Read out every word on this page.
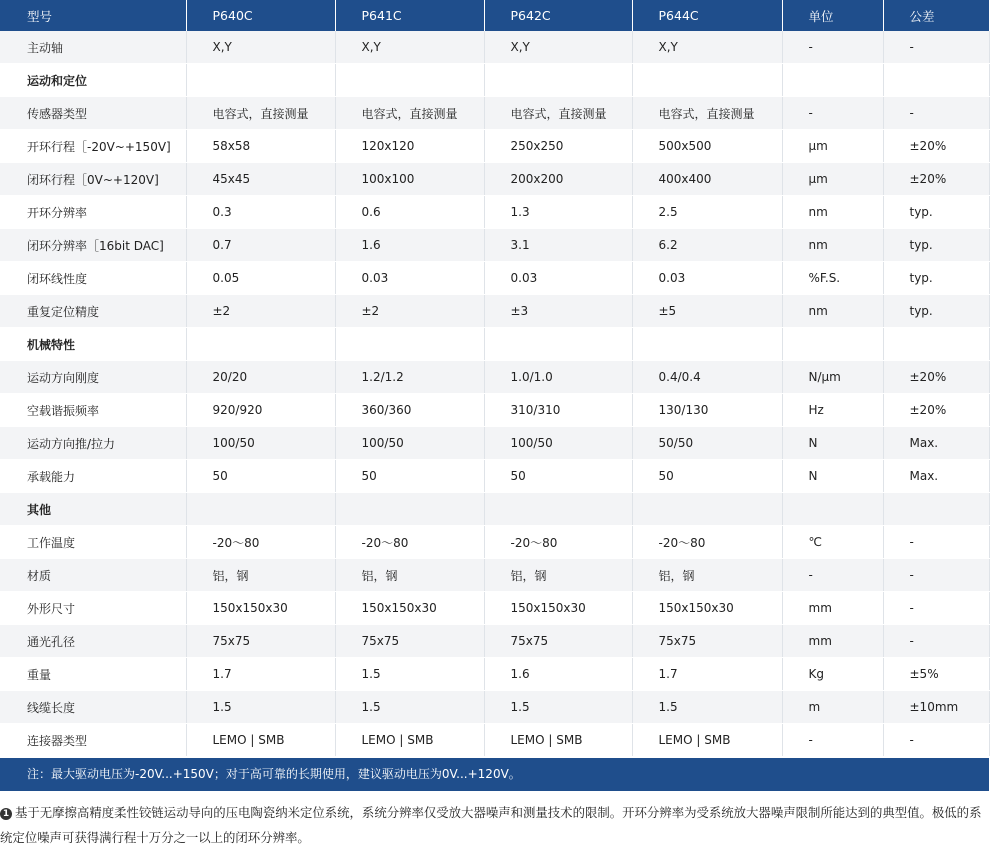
型号	P640C	P641C	P642C	P644C	单位	公差
主动轴	X,Y	X,Y	X,Y	X,Y	-	-
运动和定位						
传感器类型	电容式，直接测量	电容式，直接测量	电容式，直接测量	电容式，直接测量	-	-
开环行程［-20V~+150V]	58x58	120x120	250x250	500x500	μm	±20%
闭环行程［0V~+120V]	45x45	100x100	200x200	400x400	μm	±20%
开环分辨率	0.3	0.6	1.3	2.5	nm	typ.
闭环分辨率［16bit DAC]	0.7	1.6	3.1	6.2	nm	typ.
闭环线性度	0.05	0.03	0.03	0.03	%F.S.	typ.
重复定位精度	±2	±2	±3	±5	nm	typ.
机械特性						
运动方向刚度	20/20	1.2/1.2	1.0/1.0	0.4/0.4	N/μm	±20%
空载谐振频率	920/920	360/360	310/310	130/130	Hz	±20%
运动方向推/拉力	100/50	100/50	100/50	50/50	N	Max.
承载能力	50	50	50	50	N	Max.
其他						
工作温度	-20～80	-20～80	-20～80	-20～80	℃	-
材质	铝，钢	铝，钢	铝，钢	铝，钢	-	-
外形尺寸	150x150x30	150x150x30	150x150x30	150x150x30	mm	-
通光孔径	75x75	75x75	75x75	75x75	mm	-
重量	1.7	1.5	1.6	1.7	Kg	±5%
线缆长度	1.5	1.5	1.5	1.5	m	±10mm
连接器类型	LEMO | SMB	LEMO | SMB	LEMO | SMB	LEMO | SMB	-	-
注：最大驱动电压为-20V...+150V；对于高可靠的长期使用，建议驱动电压为0V...+120V。
1 基于无摩擦高精度柔性铰链运动导向的压电陶瓷纳米定位系统，系统分辨率仅受放大器噪声和测量技术的限制。开环分辨率为受系统放大器噪声限制所能达到的典型值。极低的系统定位噪声可获得满行程十万分之一以上的闭环分辨率。
